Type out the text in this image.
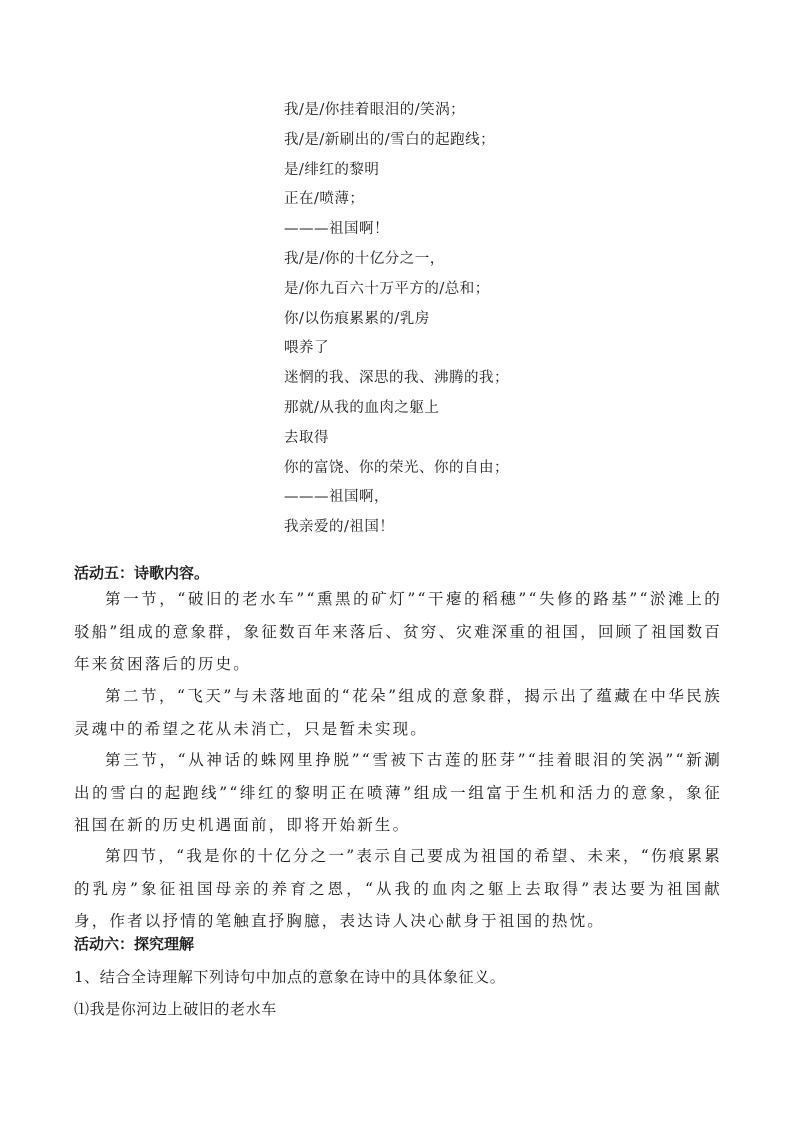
我/是/你挂着眼泪的/笑涡；
我/是/新刷出的/雪白的起跑线；
是/绯红的黎明
正在/喷薄；
———祖国啊！
我/是/你的十亿分之一，
是/你九百六十万平方的/总和；
你/以伤痕累累的/乳房
喂养了
迷惘的我、深思的我、沸腾的我；
那就/从我的血肉之躯上
去取得
你的富饶、你的荣光、你的自由；
———祖国啊，
我亲爱的/祖国！
活动五：诗歌内容。
第一节，“破旧的老水车”“熏黑的矿灯”“干瘪的稻穗”“失修的路基”“淤滩上的驳船”组成的意象群，象征数百年来落后、贫穷、灾难深重的祖国，回顾了祖国数百年来贫困落后的历史。
第二节，“飞天”与未落地面的“花朵”组成的意象群，揭示出了蕴藏在中华民族灵魂中的希望之花从未消亡，只是暂未实现。
第三节，“从神话的蛛网里挣脱”“雪被下古莲的胚芽”“挂着眼泪的笑涡”“新涮出的雪白的起跑线”“绯红的黎明正在喷薄”组成一组富于生机和活力的意象，象征祖国在新的历史机遇面前，即将开始新生。
第四节，“我是你的十亿分之一”表示自己要成为祖国的希望、未来，“伤痕累累的乳房”象征祖国母亲的养育之恩，“从我的血肉之躯上去取得”表达要为祖国献身，作者以抒情的笔触直抒胸臆，表达诗人决心献身于祖国的热忱。
活动六：探究理解
1、结合全诗理解下列诗句中加点的意象在诗中的具体象征义。
⑴我是你河边上破旧的老水车
